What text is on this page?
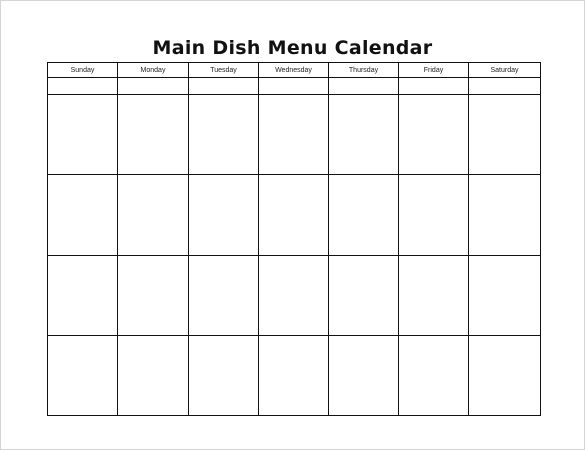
Main Dish Menu Calendar
Sunday	Monday	Tuesday	Wednesday	Thursday	Friday	Saturday
